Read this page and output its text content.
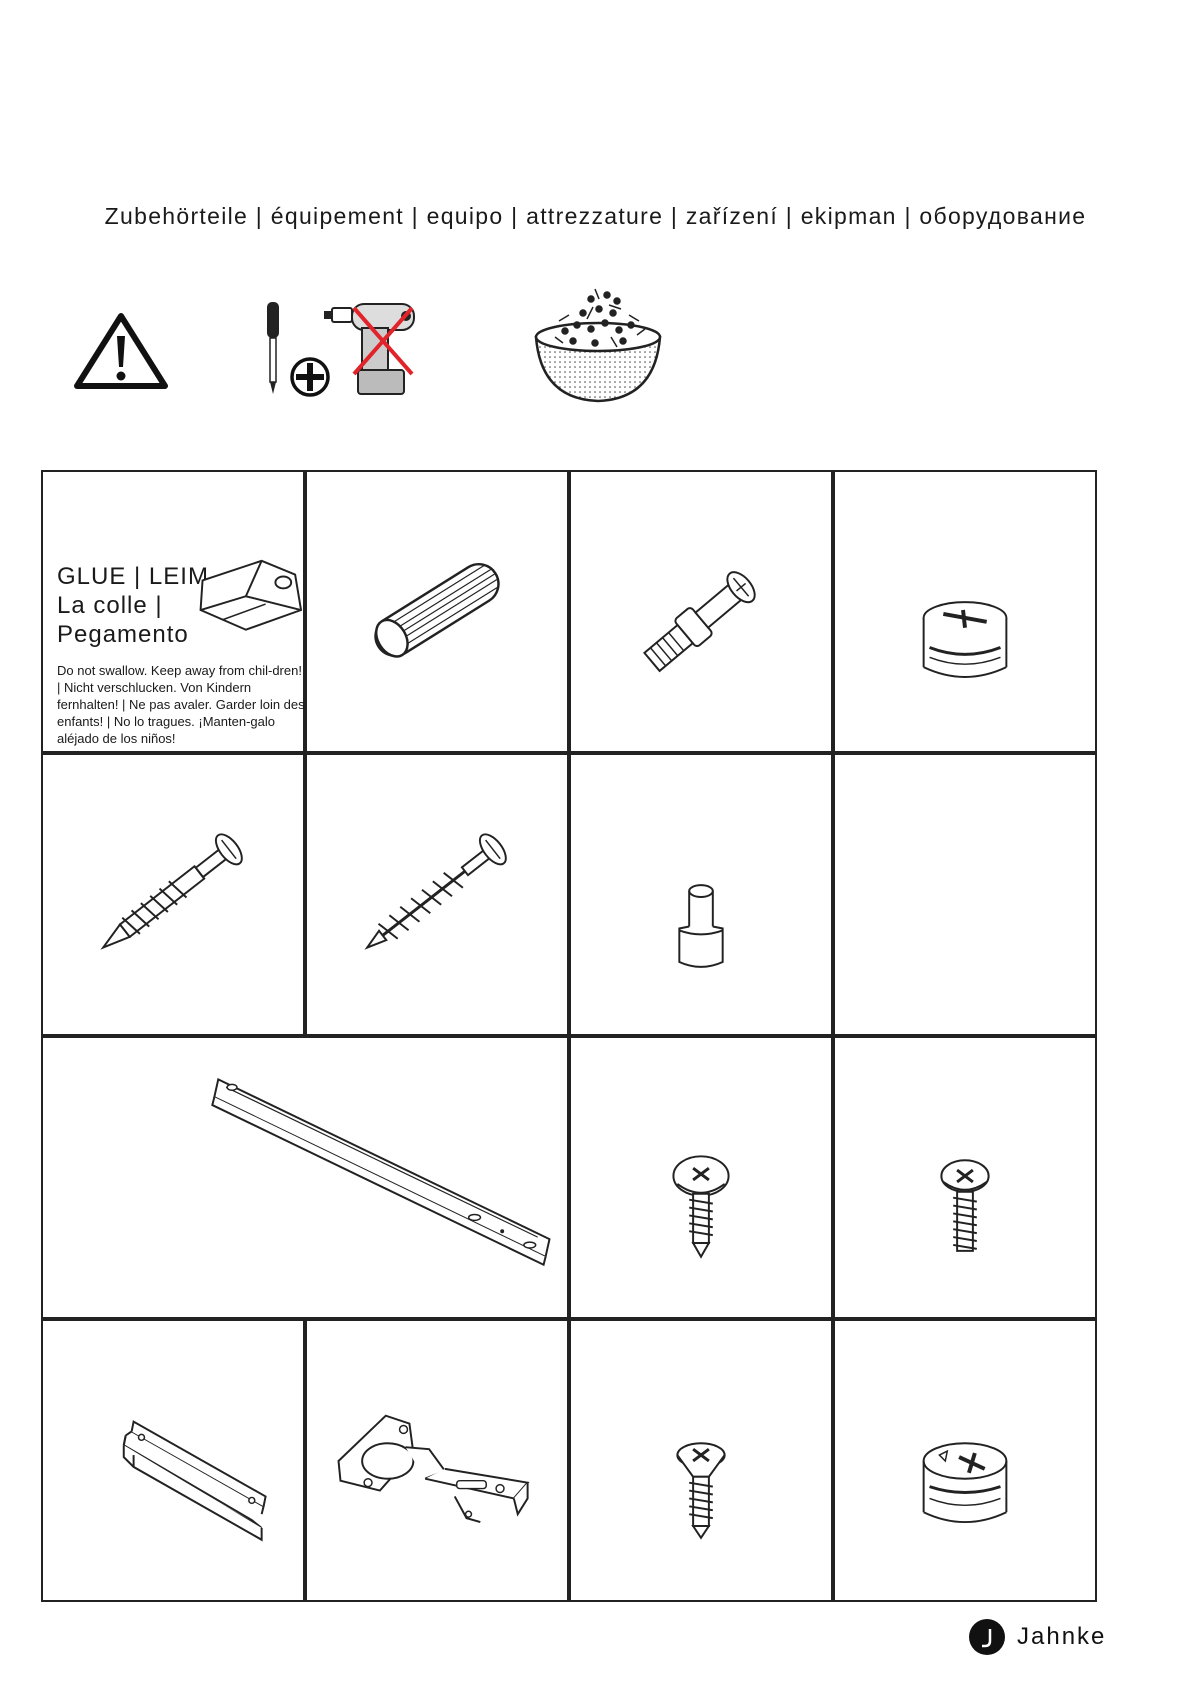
Zubehörteile | équipement | equipo | attrezzature | zařízení | ekipman | оборудование
GLUE | LEIM
La colle |
Pegamento
Do not swallow. Keep away from chil-dren! | Nicht verschlucken. Von Kindern fernhalten! | Ne pas avaler. Garder loin des enfants! | No lo tragues. ¡Manten-galo aléjado de los niños!
Jahnke
